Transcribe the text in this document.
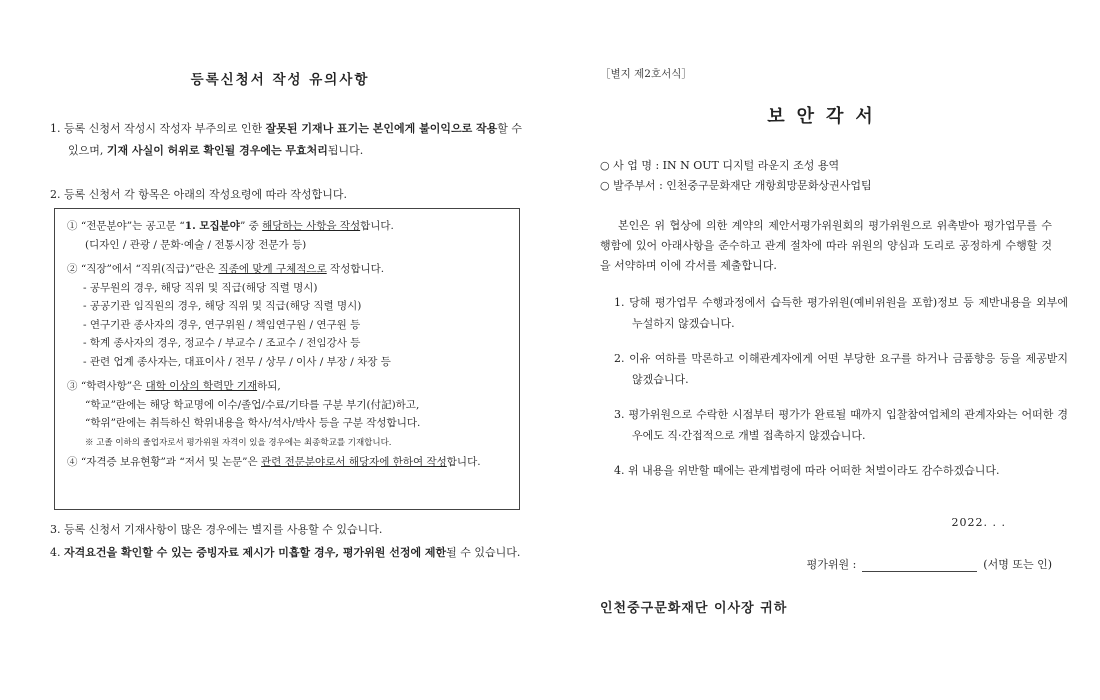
등록신청서 작성 유의사항
1. 등록 신청서 작성시 작성자 부주의로 인한 잘못된 기재나 표기는 본인에게 불이익으로 작용할 수 있으며, 기재 사실이 허위로 확인될 경우에는 무효처리됩니다.
2. 등록 신청서 각 항목은 아래의 작성요령에 따라 작성합니다.
① “전문분야”는 공고문 “1. 모집분야” 중 해당하는 사항을 작성합니다.
(디자인 / 관광 / 문화·예술 / 전통시장 전문가 등)
② “직장”에서 “직위(직급)”란은 직종에 맞게 구체적으로 작성합니다.
- 공무원의 경우, 해당 직위 및 직급(해당 직렬 명시)
- 공공기관 임직원의 경우, 해당 직위 및 직급(해당 직렬 명시)
- 연구기관 종사자의 경우, 연구위원 / 책임연구원 / 연구원 등
- 학계 종사자의 경우, 정교수 / 부교수 / 조교수 / 전임강사 등
- 관련 업계 종사자는, 대표이사 / 전무 / 상무 / 이사 / 부장 / 차장 등
③ “학력사항”은 대학 이상의 학력만 기재하되,
“학교”란에는 해당 학교명에 이수/졸업/수료/기타를 구분 부기(付記)하고,
“학위”란에는 취득하신 학위내용을 학사/석사/박사 등을 구분 작성합니다.
※ 고졸 이하의 졸업자로서 평가위원 자격이 있을 경우에는 최종학교를 기재합니다.
④ “자격증 보유현황”과 “저서 및 논문”은 관련 전문분야로서 해당자에 한하여 작성합니다.
3. 등록 신청서 기재사항이 많은 경우에는 별지를 사용할 수 있습니다.
4. 자격요건을 확인할 수 있는 증빙자료 제시가 미흡할 경우, 평가위원 선정에 제한될 수 있습니다.
［별지 제2호서식］
보안각서
○ 사 업 명 : IN N OUT 디지털 라운지 조성 용역
○ 발주부서 : 인천중구문화재단 개항희망문화상권사업팀
본인은 위 협상에 의한 계약의 제안서평가위원회의 평가위원으로 위촉받아 평가업무를 수행함에 있어 아래사항을 준수하고 관계 절차에 따라 위원의 양심과 도리로 공정하게 수행할 것을 서약하며 이에 각서를 제출합니다.
1. 당해 평가업무 수행과정에서 습득한 평가위원(예비위원을 포함)정보 등 제반내용을 외부에 누설하지 않겠습니다.
2. 이유 여하를 막론하고 이해관계자에게 어떤 부당한 요구를 하거나 금품향응 등을 제공받지 않겠습니다.
3. 평가위원으로 수락한 시점부터 평가가 완료될 때까지 입찰참여업체의 관계자와는 어떠한 경우에도 직·간접적으로 개별 접촉하지 않겠습니다.
4. 위 내용을 위반할 때에는 관계법령에 따라 어떠한 처벌이라도 감수하겠습니다.
2022. . .
평가위원 :	(서명 또는 인)
인천중구문화재단 이사장 귀하
